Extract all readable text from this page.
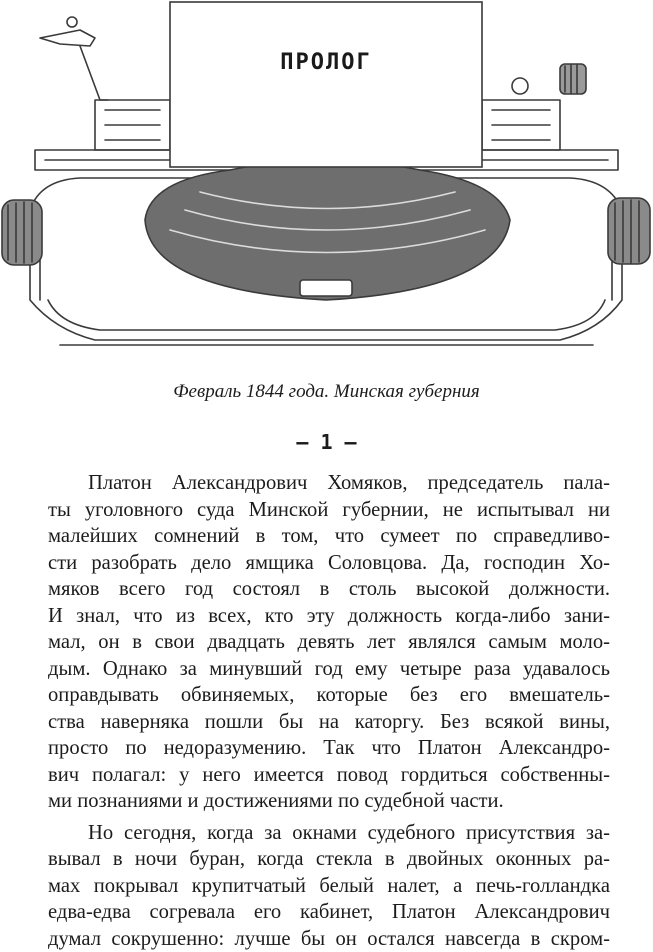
ПРОЛОГ
Февраль 1844 года. Минская губерния
— 1 —
Платон Александрович Хомяков, председатель пала-
ты уголовного суда Минской губернии, не испытывал ни
малейших сомнений в том, что сумеет по справедливо-
сти разобрать дело ямщика Соловцова. Да, господин Хо-
мяков всего год состоял в столь высокой должности.
И знал, что из всех, кто эту должность когда-либо зани-
мал, он в свои двадцать девять лет являлся самым моло-
дым. Однако за минувший год ему четыре раза удавалось
оправдывать обвиняемых, которые без его вмешатель-
ства наверняка пошли бы на каторгу. Без всякой вины,
просто по недоразумению. Так что Платон Александро-
вич полагал: у него имеется повод гордиться собственны-
ми познаниями и достижениями по судебной части.
Но сегодня, когда за окнами судебного присутствия за-
вывал в ночи буран, когда стекла в двойных оконных ра-
мах покрывал крупитчатый белый налет, а печь-голландка
едва-едва согревала его кабинет, Платон Александрович
думал сокрушенно: лучше бы он остался навсегда в скром-
